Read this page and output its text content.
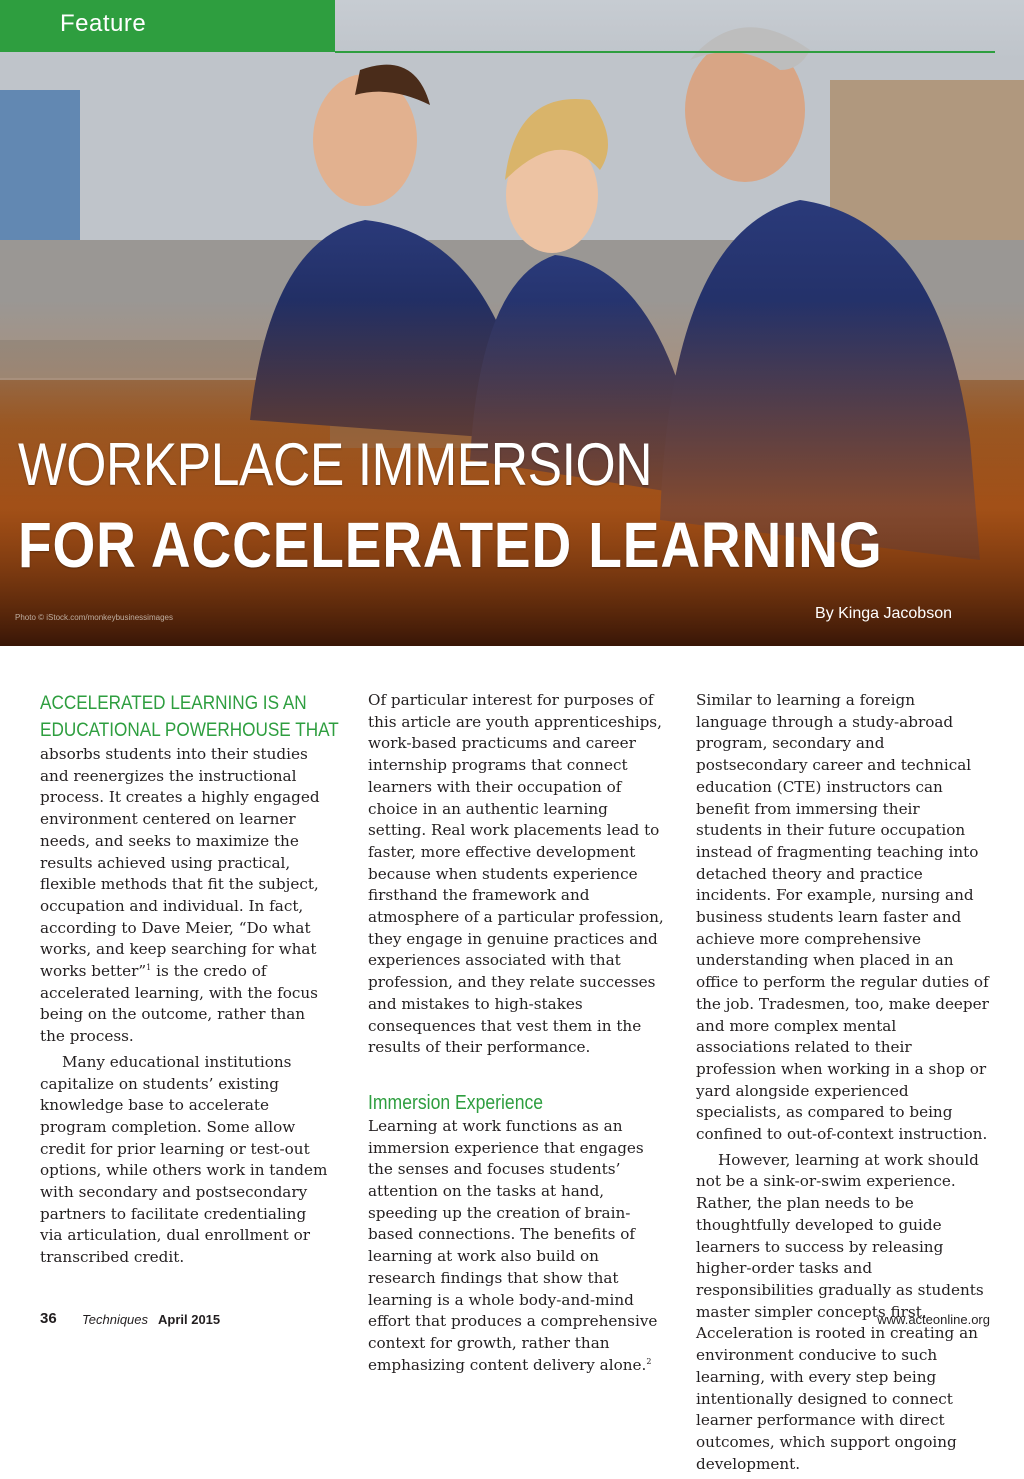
Feature
WORKPLACE IMMERSION
FOR ACCELERATED LEARNING
Photo © iStock.com/monkeybusinessimages	By Kinga Jacobson
ACCELERATED LEARNING IS AN
EDUCATIONAL POWERHOUSE THAT

absorbs students into their studies and reenergizes the instructional process. It creates a highly engaged environment centered on learner needs, and seeks to maximize the results achieved using practical, flexible methods that fit the subject, occupation and individual. In fact, according to Dave Meier, “Do what works, and keep searching for what works better”$^1$ is the credo of accelerated learning, with the focus being on the outcome, rather than the process.

Many educational institutions capitalize on students’ existing knowledge base to accelerate program completion. Some allow credit for prior learning or test-out options, while others work in tandem with secondary and postsecondary partners to facilitate credentialing via articulation, dual enrollment or transcribed credit.

Of particular interest for purposes of this article are youth apprenticeships, work-based practicums and career internship programs that connect learners with their occupation of choice in an authentic learning setting. Real work placements lead to faster, more effective development because when students experience firsthand the framework and atmosphere of a particular profession, they engage in genuine practices and experiences associated with that profession, and they relate successes and mistakes to high-stakes consequences that vest them in the results of their performance.

Immersion Experience

Learning at work functions as an immersion experience that engages the senses and focuses students’ attention on the tasks at hand, speeding up the creation of brain-based connections. The benefits of learning at work also build on research findings that show that learning is a whole body-and-mind effort that produces a comprehensive context for growth, rather than emphasizing content delivery alone.$^2$

Similar to learning a foreign language through a study-abroad program, secondary and postsecondary career and technical education (CTE) instructors can benefit from immersing their students in their future occupation instead of fragmenting teaching into detached theory and practice incidents. For example, nursing and business students learn faster and achieve more comprehensive understanding when placed in an office to perform the regular duties of the job. Tradesmen, too, make deeper and more complex mental associations related to their profession when working in a shop or yard alongside experienced specialists, as compared to being confined to out-of-context instruction.

However, learning at work should not be a sink-or-swim experience. Rather, the plan needs to be thoughtfully developed to guide learners to success by releasing higher-order tasks and responsibilities gradually as students master simpler concepts first. Acceleration is rooted in creating an environment conducive to such learning, with every step being intentionally designed to connect learner performance with direct outcomes, which support ongoing development.

36 Techniques April 2015	www.acteonline.org
